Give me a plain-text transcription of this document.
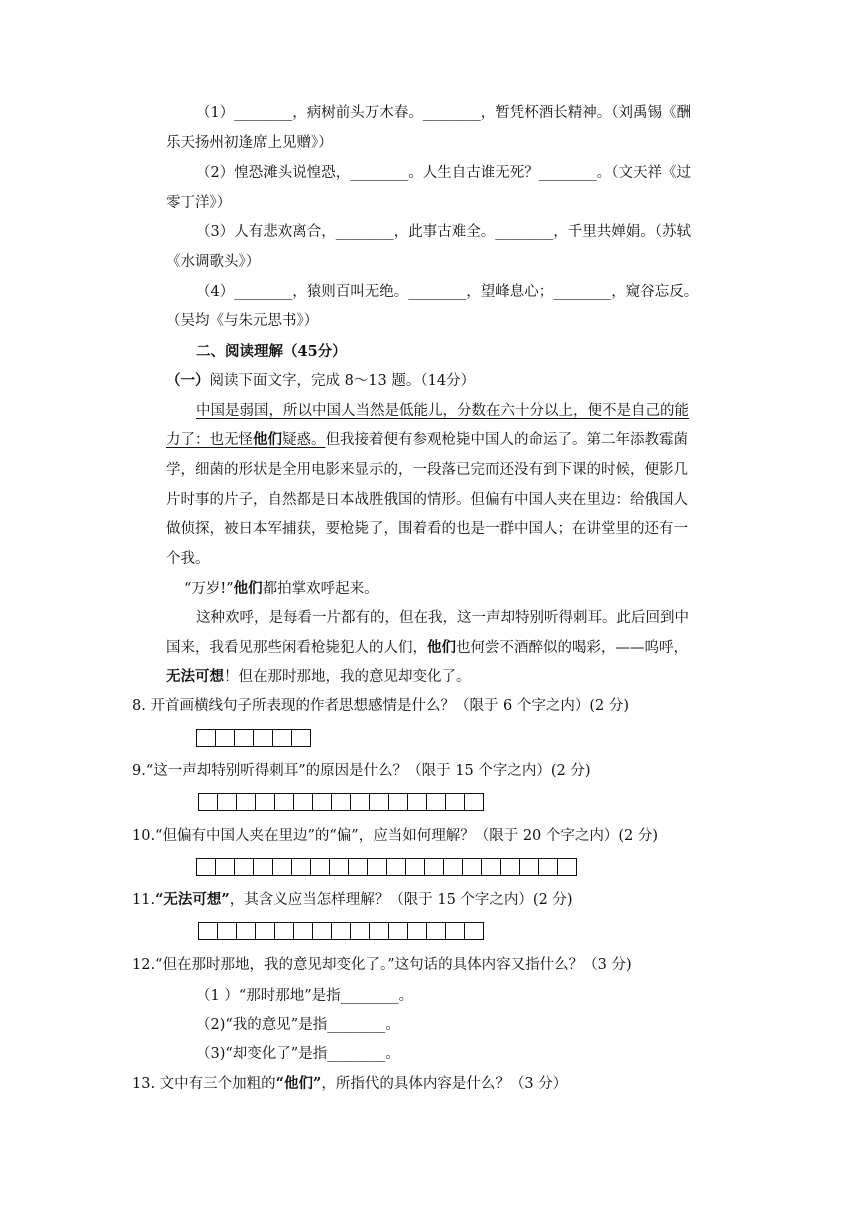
（1）________，病树前头万木春。________，暂凭杯酒长精神。（刘禹锡《酬
乐天扬州初逢席上见赠》）
（2）惶恐滩头说惶恐，________。人生自古谁无死？________。（文天祥《过
零丁洋》）
（3）人有悲欢离合，________，此事古难全。________，千里共婵娟。（苏轼
《水调歌头》）
（4）________，猿则百叫无绝。________，望峰息心；________，窥谷忘反。
（吴均《与朱元思书》）
二、阅读理解（45分）
（一）阅读下面文字，完成 8～13 题。（14分）
中国是弱国，所以中国人当然是低能儿，分数在六十分以上，便不是自己的能
力了：也无怪他们疑惑。但我接着便有参观枪毙中国人的命运了。第二年添教霉菌
学，细菌的形状是全用电影来显示的，一段落已完而还没有到下课的时候，便影几
片时事的片子，自然都是日本战胜俄国的情形。但偏有中国人夹在里边：给俄国人
做侦探，被日本军捕获，要枪毙了，围着看的也是一群中国人；在讲堂里的还有一
个我。
“万岁!”他们都拍掌欢呼起来。
这种欢呼，是每看一片都有的，但在我，这一声却特别听得刺耳。此后回到中
国来，我看见那些闲看枪毙犯人的人们，他们也何尝不酒醉似的喝彩，——呜呼，
无法可想！但在那时那地，我的意见却变化了。
8. 开首画横线句子所表现的作者思想感情是什么？（限于 6 个字之内）(2 分)
9.“这一声却特别听得刺耳”的原因是什么？（限于 15 个字之内）(2 分)
10.“但偏有中国人夹在里边”的“偏”，应当如何理解？（限于 20 个字之内）(2 分)
11.“无法可想”，其含义应当怎样理解？（限于 15 个字之内）(2 分)
12.“但在那时那地，我的意见却变化了。”这句话的具体内容又指什么？（3 分)
（1 ）“那时那地”是指________。
（2)“我的意见”是指________。
（3)“却变化了”是指________。
13. 文中有三个加粗的“他们”，所指代的具体内容是什么？（3 分）
